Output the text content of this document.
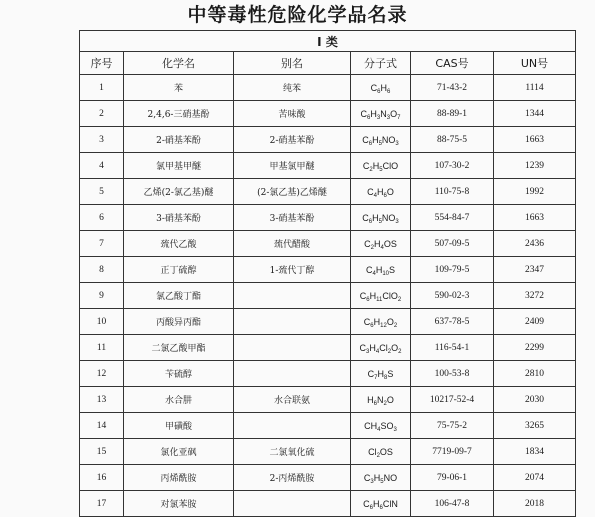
中等毒性危险化学品名录
I 类					
序号	化学名	别名	分子式	CAS号	UN号
1	苯	纯苯	$C_6H_6$	71-43-2	1114
2	2,4,6-三硝基酚	苦味酸	$C_6H_3N_3O_7$	88-89-1	1344
3	2-硝基苯酚	2-硝基苯酚	$C_6H_5NO_3$	88-75-5	1663
4	氯甲基甲醚	甲基氯甲醚	$C_2H_5ClO$	107-30-2	1239
5	乙烯(2-氯乙基)醚	(2-氯乙基)乙烯醚	$C_4H_6O$	110-75-8	1992
6	3-硝基苯酚	3-硝基苯酚	$C_6H_5NO_3$	554-84-7	1663
7	巯代乙酸	巯代醋酸	$C_2H_4OS$	507-09-5	2436
8	正丁硫醇	1-巯代丁醇	$C_4H_{10}S$	109-79-5	2347
9	氯乙酸丁酯		$C_6H_{11}ClO_2$	590-02-3	3272
10	丙酸异丙酯		$C_6H_{12}O_2$	637-78-5	2409
11	二氯乙酸甲酯		$C_3H_4Cl_2O_2$	116-54-1	2299
12	苄硫醇		$C_7H_8S$	100-53-8	2810
13	水合肼	水合联氨	$H_6N_2O$	10217-52-4	2030
14	甲磺酸		$CH_4SO_3$	75-75-2	3265
15	氯化亚砜	二氯氧化硫	$Cl_2OS$	7719-09-7	1834
16	丙烯酰胺	2-丙烯酰胺	$C_3H_5NO$	79-06-1	2074
17	对氯苯胺		$C_6H_6ClN$	106-47-8	2018
